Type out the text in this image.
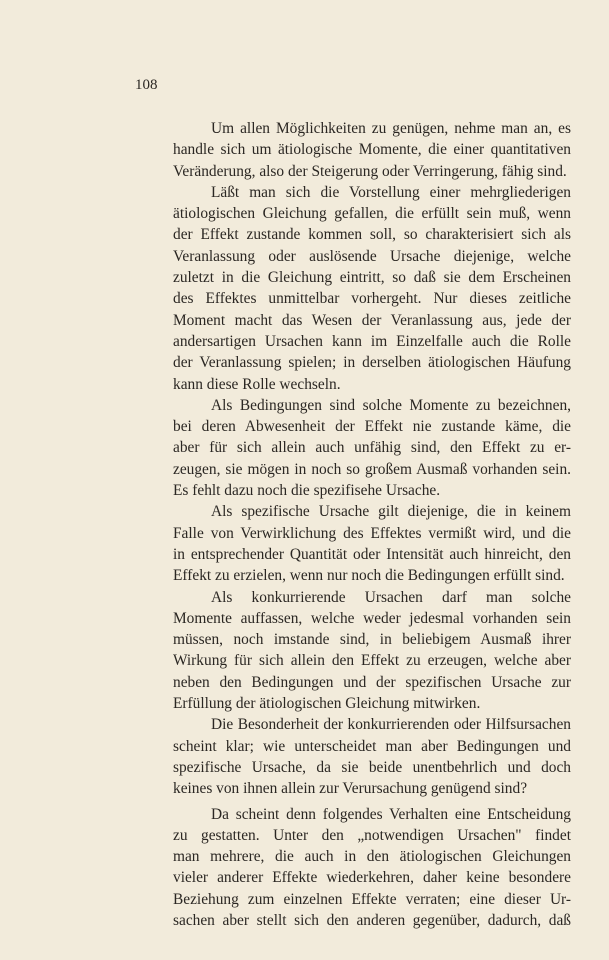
108
Um allen Möglichkeiten zu genügen, nehme man an, es
handle sich um ätiologische Momente, die einer quantitativen
Veränderung, also der Steigerung oder Verringerung, fähig sind.
Läßt man sich die Vorstellung einer mehrgliederigen
ätiologischen Gleichung gefallen, die erfüllt sein muß, wenn
der Effekt zustande kommen soll, so charakterisiert sich als
Veranlassung oder auslösende Ursache diejenige, welche
zuletzt in die Gleichung eintritt, so daß sie dem Erscheinen
des Effektes unmittelbar vorhergeht. Nur dieses zeitliche
Moment macht das Wesen der Veranlassung aus, jede der
andersartigen Ursachen kann im Einzelfalle auch die Rolle
der Veranlassung spielen; in derselben ätiologischen Häufung
kann diese Rolle wechseln.
Als Bedingungen sind solche Momente zu bezeichnen,
bei deren Abwesenheit der Effekt nie zustande käme, die
aber für sich allein auch unfähig sind, den Effekt zu er-
zeugen, sie mögen in noch so großem Ausmaß vorhanden sein.
Es fehlt dazu noch die spezifisehe Ursache.
Als spezifische Ursache gilt diejenige, die in keinem
Falle von Verwirklichung des Effektes vermißt wird, und die
in entsprechender Quantität oder Intensität auch hinreicht, den
Effekt zu erzielen, wenn nur noch die Bedingungen erfüllt sind.
Als konkurrierende Ursachen darf man solche
Momente auffassen, welche weder jedesmal vorhanden sein
müssen, noch imstande sind, in beliebigem Ausmaß ihrer
Wirkung für sich allein den Effekt zu erzeugen, welche aber
neben den Bedingungen und der spezifischen Ursache zur
Erfüllung der ätiologischen Gleichung mitwirken.
Die Besonderheit der konkurrierenden oder Hilfsursachen
scheint klar; wie unterscheidet man aber Bedingungen und
spezifische Ursache, da sie beide unentbehrlich und doch
keines von ihnen allein zur Verursachung genügend sind?
Da scheint denn folgendes Verhalten eine Entscheidung
zu gestatten. Unter den „notwendigen Ursachen" findet
man mehrere, die auch in den ätiologischen Gleichungen
vieler anderer Effekte wiederkehren, daher keine besondere
Beziehung zum einzelnen Effekte verraten; eine dieser Ur-
sachen aber stellt sich den anderen gegenüber, dadurch, daß
